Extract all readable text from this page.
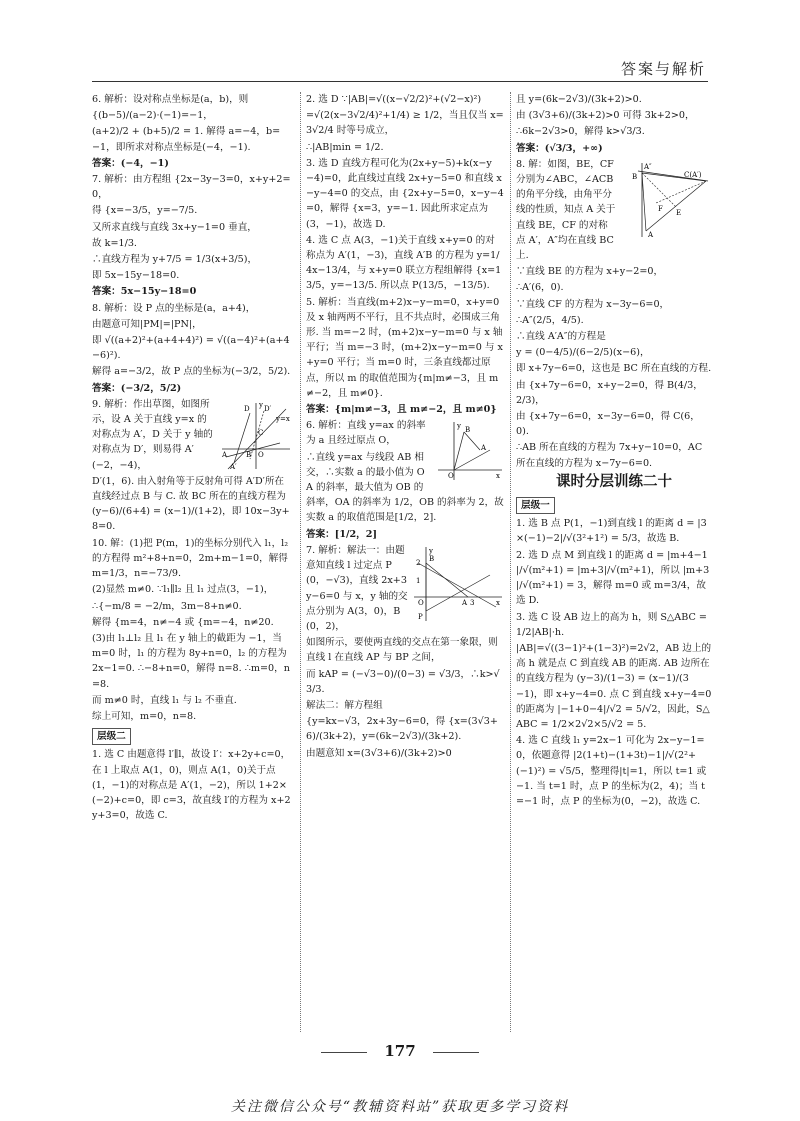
答案与解析

6. 解析：设对称点坐标是(a，b)，则

{(b−5)/(a−2)·(−1)=−1，

(a+2)/2 + (b+5)/2 = 1. 解得 a=−4，b=−1，即所求对称点坐标是(−4，−1).

答案：(−4，−1)

7. 解析：由方程组 {2x−3y−3=0，x+y+2=0，

得 {x=−3/5，y=−7/5.

又所求直线与直线 3x+y−1=0 垂直，

故 k=1/3.

∴直线方程为 y+7/5 = 1/3(x+3/5)，

即 5x−15y−18=0.

答案：5x−15y−18=0

8. 解析：设 P 点的坐标是(a，a+4)，

由题意可知|PM|=|PN|，

即 √((a+2)²+(a+4+4)²) = √((a−4)²+(a+4−6)²).

解得 a=−3/2，故 P 点的坐标为(−3/2，5/2).

答案：(−3/2，5/2)

D D′
A	B
C
A′
O
y
y=x

9. 解析：作出草图，如图所示，设 A 关于直线 y=x 的对称点为 A′，D 关于 y 轴的对称点为 D′，则易得 A′(−2，−4)，

D′(1，6). 由入射角等于反射角可得 A′D′所在直线经过点 B 与 C. 故 BC 所在的直线方程为 (y−6)/(6+4) = (x−1)/(1+2)，即 10x−3y+8=0.

10. 解：(1)把 P(m，1)的坐标分别代入 l₁，l₂ 的方程得 m²+8+n=0，2m+m−1=0，解得 m=1/3，n=−73/9.

(2)显然 m≠0. ∵l₁∥l₂ 且 l₁ 过点(3，−1)，

∴{−m/8 = −2/m，3m−8+n≠0.

解得 {m=4，n≠−4 或 {m=−4，n≠20.

(3)由 l₁⊥l₂ 且 l₁ 在 y 轴上的截距为 −1，当 m=0 时，l₁ 的方程为 8y+n=0，l₂ 的方程为 2x−1=0. ∴−8+n=0，解得 n=8. ∴m=0，n=8.

而 m≠0 时，直线 l₁ 与 l₂ 不垂直.

综上可知，m=0，n=8.

层级二

1. 选 C 由题意得 l′∥l，故设 l′：x+2y+c=0，在 l 上取点 A(1，0)，则点 A(1，0)关于点(1，−1)的对称点是 A′(1，−2)，所以 1+2×(−2)+c=0，即 c=3，故直线 l′的方程为 x+2y+3=0，故选 C.

2. 选 D ∵|AB|=√((x−√2/2)²+(√2−x)²)

=√(2(x−3√2/4)²+1/4) ≥ 1/2，当且仅当 x=3√2/4 时等号成立，

∴|AB|min = 1/2.

3. 选 D 直线方程可化为(2x+y−5)+k(x−y−4)=0，此直线过直线 2x+y−5=0 和直线 x−y−4=0 的交点，由 {2x+y−5=0，x−y−4=0，解得 {x=3，y=−1. 因此所求定点为(3，−1)，故选 D.

4. 选 C 点 A(3，−1)关于直线 x+y=0 的对称点为 A′(1，−3)，直线 A′B 的方程为 y=1/4x−13/4，与 x+y=0 联立方程组解得 {x=13/5，y=−13/5. 所以点 P(13/5，−13/5).

5. 解析：当直线(m+2)x−y−m=0，x+y=0 及 x 轴两两不平行，且不共点时，必围成三角形. 当 m=−2 时，(m+2)x−y−m=0 与 x 轴平行；当 m=−3 时，(m+2)x−y−m=0 与 x+y=0 平行；当 m=0 时，三条直线都过原点，所以 m 的取值范围为{m|m≠−3，且 m≠−2，且 m≠0}.

答案：{m|m≠−3，且 m≠−2，且 m≠0}

y B
A
O	x

6. 解析：直线 y=ax 的斜率为 a 且经过原点 O，

∴直线 y=ax 与线段 AB 相交，∴实数 a 的最小值为 OA 的斜率，最大值为 OB 的斜率，OA 的斜率为 1/2，OB 的斜率为 2，故实数 a 的取值范围是[1/2，2].

答案：[1/2，2]

y
2 B
1
O	A 3
P
x

7. 解析：解法一：由题意知直线 l 过定点 P(0，−√3)，直线 2x+3y−6=0 与 x，y 轴的交点分别为 A(3，0)，B(0，2)，

如图所示，要使两直线的交点在第一象限，则直线 l 在直线 AP 与 BP 之间，

而 kAP = (−√3−0)/(0−3) = √3/3，∴k>√3/3.

解法二：解方程组

{y=kx−√3，2x+3y−6=0，得 {x=(3√3+6)/(3k+2)，y=(6k−2√3)/(3k+2).

由题意知 x=(3√3+6)/(3k+2)>0

且 y=(6k−2√3)/(3k+2)>0.

由 (3√3+6)/(3k+2)>0 可得 3k+2>0，

∴6k−2√3>0，解得 k>√3/3.

答案：(√3/3，+∞)

A″
B
E
F
C(A′)
A

8. 解：如图，BE，CF 分别为∠ABC，∠ACB 的角平分线，由角平分线的性质，知点 A 关于直线 BE，CF 的对称点 A′，A″均在直线 BC 上.

∵直线 BE 的方程为 x+y−2=0，

∴A′(6，0).

∵直线 CF 的方程为 x−3y−6=0，

∴A″(2/5，4/5).

∴直线 A′A″的方程是

y = (0−4/5)/(6−2/5)(x−6)，

即 x+7y−6=0，这也是 BC 所在直线的方程.

由 {x+7y−6=0，x+y−2=0，得 B(4/3，2/3)，

由 {x+7y−6=0，x−3y−6=0，得 C(6，0).

∴AB 所在直线的方程为 7x+y−10=0，AC 所在直线的方程为 x−7y−6=0.

课时分层训练二十
层级一

1. 选 B 点 P(1，−1)到直线 l 的距离 d = |3×(−1)−2|/√(3²+1²) = 5/3，故选 B.

2. 选 D 点 M 到直线 l 的距离 d = |m+4−1|/√(m²+1) = |m+3|/√(m²+1)，所以 |m+3|/√(m²+1) = 3，解得 m=0 或 m=3/4，故选 D.

3. 选 C 设 AB 边上的高为 h，则 S△ABC = 1/2|AB|·h.

|AB|=√((3−1)²+(1−3)²)=2√2，AB 边上的高 h 就是点 C 到直线 AB 的距离. AB 边所在的直线方程为 (y−3)/(1−3) = (x−1)/(3−1)，即 x+y−4=0. 点 C 到直线 x+y−4=0 的距离为 |−1+0−4|/√2 = 5/√2，因此，S△ABC = 1/2×2√2×5/√2 = 5.

4. 选 C 直线 l₁ y=2x−1 可化为 2x−y−1=0，依题意得 |2(1+t)−(1+3t)−1|/√(2²+(−1)²) = √5/5，整理得|t|=1，所以 t=1 或 −1. 当 t=1 时，点 P 的坐标为(2，4)；当 t=−1 时，点 P 的坐标为(0，−2)，故选 C.

177
关注微信公众号“教辅资料站”获取更多学习资料
